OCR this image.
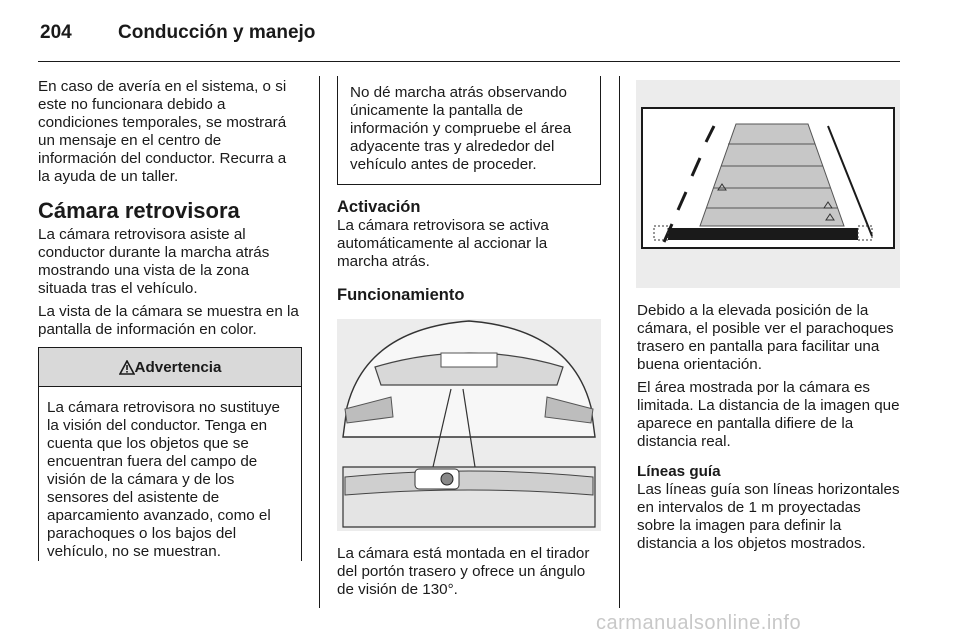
204 Conducción y manejo

En caso de avería en el sistema, o si este no funcionara debido a condiciones temporales, se mostrará un mensaje en el centro de información del conductor. Recurra a la ayuda de un taller.

Cámara retrovisora

La cámara retrovisora asiste al conductor durante la marcha atrás mostrando una vista de la zona situada tras el vehículo.

La vista de la cámara se muestra en la pantalla de información en color.

Advertencia
La cámara retrovisora no sustituye la visión del conductor. Tenga en cuenta que los objetos que se encuentran fuera del campo de visión de la cámara y de los sensores del asistente de aparcamiento avanzado, como el parachoques o los bajos del vehículo, no se muestran.
No dé marcha atrás observando únicamente la pantalla de información y compruebe el área adyacente tras y alrededor del vehículo antes de proceder.
Activación

La cámara retrovisora se activa automáticamente al accionar la marcha atrás.

Funcionamiento

La cámara está montada en el tirador del portón trasero y ofrece un ángulo de visión de 130°.

Debido a la elevada posición de la cámara, el posible ver el parachoques trasero en pantalla para facilitar una buena orientación.

El área mostrada por la cámara es limitada. La distancia de la imagen que aparece en pantalla difiere de la distancia real.

Líneas guía

Las líneas guía son líneas horizontales en intervalos de 1 m proyectadas sobre la imagen para definir la distancia a los objetos mostrados.

carmanualsonline.info
